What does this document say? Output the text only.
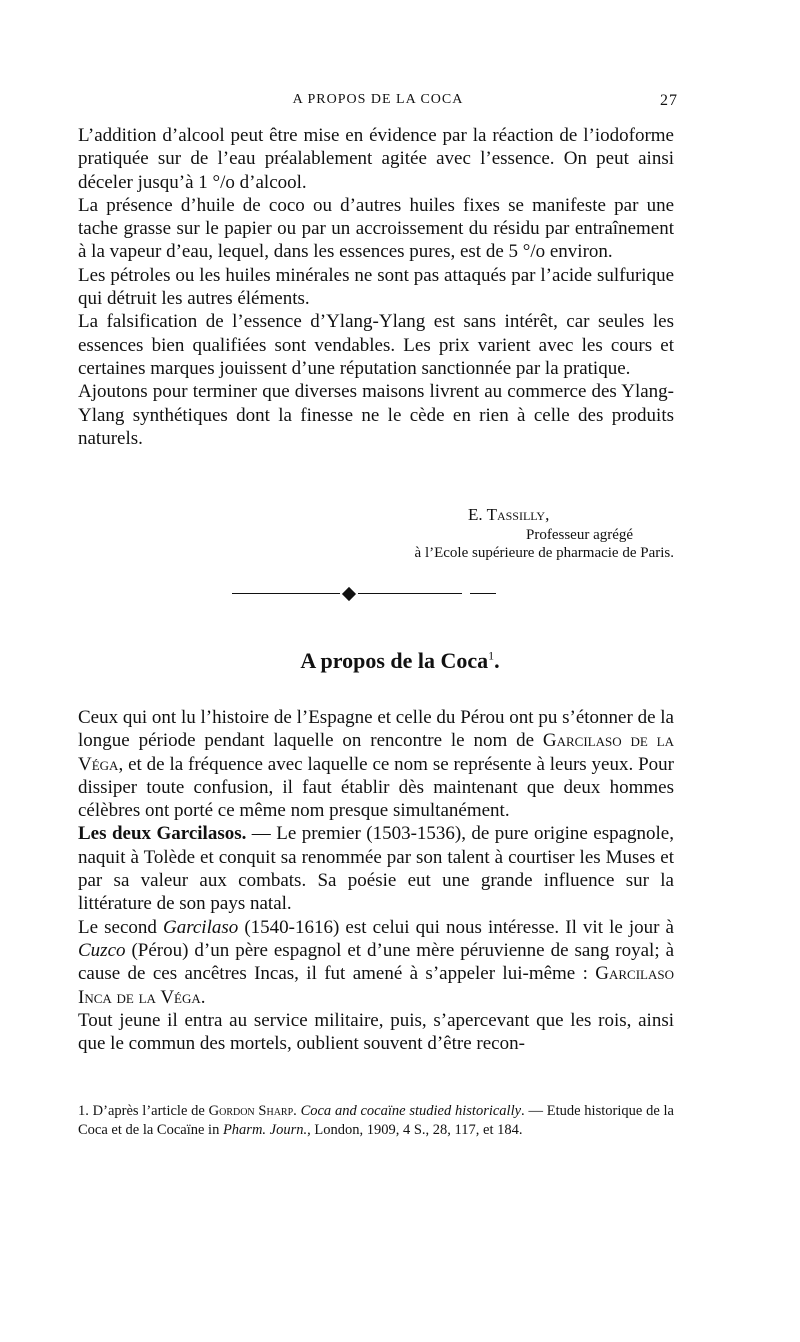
A PROPOS DE LA COCA	27

L’addition d’alcool peut être mise en évidence par la réaction de l’iodoforme pratiquée sur de l’eau préalablement agitée avec l’essence. On peut ainsi déceler jusqu’à 1 °/o d’alcool.

La présence d’huile de coco ou d’autres huiles fixes se manifeste par une tache grasse sur le papier ou par un accroissement du résidu par entraînement à la vapeur d’eau, lequel, dans les essences pures, est de 5 °/o environ.

Les pétroles ou les huiles minérales ne sont pas attaqués par l’acide sulfurique qui détruit les autres éléments.

La falsification de l’essence d’Ylang-Ylang est sans intérêt, car seules les essences bien qualifiées sont vendables. Les prix varient avec les cours et certaines marques jouissent d’une réputation sanctionnée par la pratique.

Ajoutons pour terminer que diverses maisons livrent au commerce des Ylang-Ylang synthétiques dont la finesse ne le cède en rien à celle des produits naturels.

E. Tassilly,
Professeur agrégé
à l’Ecole supérieure de pharmacie de Paris.
A propos de la Coca$^1$.

Ceux qui ont lu l’histoire de l’Espagne et celle du Pérou ont pu s’étonner de la longue période pendant laquelle on rencontre le nom de Garcilaso de la Véga, et de la fréquence avec laquelle ce nom se représente à leurs yeux. Pour dissiper toute confusion, il faut établir dès maintenant que deux hommes célèbres ont porté ce même nom presque simultanément.

Les deux Garcilasos. — Le premier (1503-1536), de pure origine espagnole, naquit à Tolède et conquit sa renommée par son talent à courtiser les Muses et par sa valeur aux combats. Sa poésie eut une grande influence sur la littérature de son pays natal.

Le second Garcilaso (1540-1616) est celui qui nous intéresse. Il vit le jour à Cuzco (Pérou) d’un père espagnol et d’une mère péruvienne de sang royal; à cause de ces ancêtres Incas, il fut amené à s’appeler lui-même : Garcilaso Inca de la Véga.

Tout jeune il entra au service militaire, puis, s’apercevant que les rois, ainsi que le commun des mortels, oublient souvent d’être recon-

1. D’après l’article de Gordon Sharp. Coca and cocaïne studied historically. — Etude historique de la Coca et de la Cocaïne in Pharm. Journ., London, 1909, 4 S., 28, 117, et 184.
